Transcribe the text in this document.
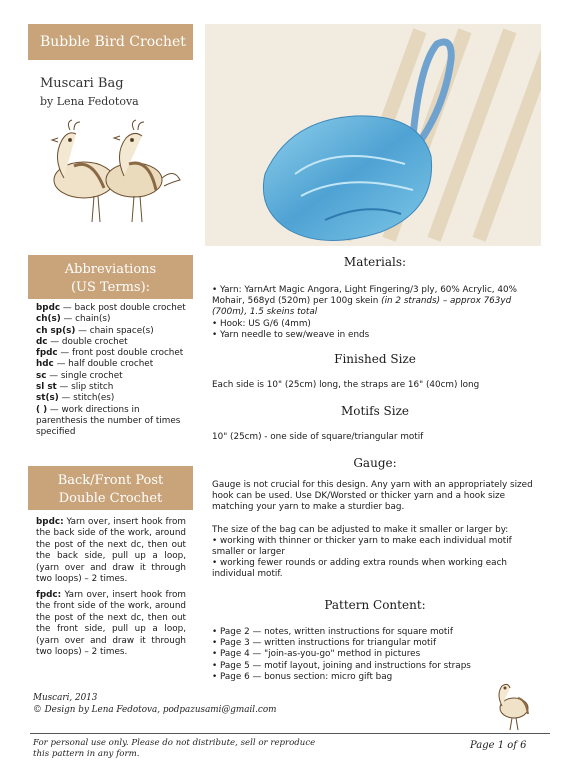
Bubble Bird Crochet
Muscari Bag
by Lena Fedotova
Abbreviations
(US Terms):
bpdc — back post double crochet
ch(s) — chain(s)
ch sp(s) — chain space(s)
dc — double crochet
fpdc — front post double crochet
hdc — half double crochet
sc — single crochet
sl st — slip stitch
st(s) — stitch(es)
( ) — work directions in parenthesis the number of times specified
Back/Front Post
Double Crochet
bpdc: Yarn over, insert hook from the back side of the work, around the post of the next dc, then out the back side, pull up a loop, (yarn over and draw it through two loops) – 2 times.
fpdc: Yarn over, insert hook from the front side of the work, around the post of the next dc, then out the front side, pull up a loop, (yarn over and draw it through two loops) – 2 times.
Materials:
• Yarn: YarnArt Magic Angora, Light Fingering/3 ply, 60% Acrylic, 40% Mohair, 568yd (520m) per 100g skein (in 2 strands) – approx 763yd (700m), 1.5 skeins total
• Hook: US G/6 (4mm)
• Yarn needle to sew/weave in ends
Finished Size
Each side is 10" (25cm) long, the straps are 16" (40cm) long
Motifs Size
10" (25cm) - one side of square/triangular motif
Gauge:

Gauge is not crucial for this design. Any yarn with an appropriately sized hook can be used. Use DK/Worsted or thicker yarn and a hook size matching your yarn to make a sturdier bag.

The size of the bag can be adjusted to make it smaller or larger by:
• working with thinner or thicker yarn to make each individual motif smaller or larger
• working fewer rounds or adding extra rounds when working each individual motif.
Pattern Content:
• Page 2 — notes, written instructions for square motif
• Page 3 — written instructions for triangular motif
• Page 4 — "join-as-you-go" method in pictures
• Page 5 — motif layout, joining and instructions for straps
• Page 6 — bonus section: micro gift bag
Muscari, 2013
© Design by Lena Fedotova, podpazusami@gmail.com
For personal use only. Please do not distribute, sell or reproduce this pattern in any form.
Page 1 of 6
